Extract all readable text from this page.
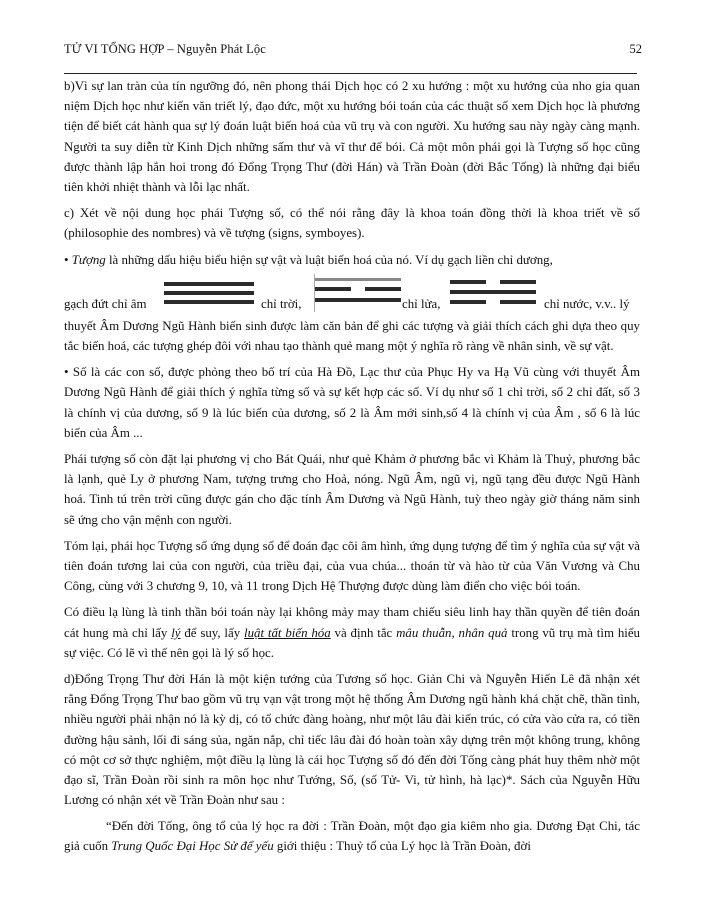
TỬ VI TỔNG HỢP – Nguyễn Phát Lộc	52

b)Vì sự lan tràn của tín ngưỡng đó, nên phong thái Dịch học có 2 xu hướng : một xu hướng của nho gia quan niệm Dịch học như kiến văn triết lý, đạo đức, một xu hướng bói toán của các thuật số xem Dịch học là phương tiện để biết cát hành qua sự lý đoán luật biến hoá của vũ trụ và con người. Xu hướng sau này ngày càng mạnh. Người ta suy diễn từ Kinh Dịch những sấm thư và vĩ thư để bói. Cả một môn phái gọi là Tượng số học cũng được thành lập hẳn hoi trong đó Đổng Trọng Thư (đời Hán) và Trần Đoàn (đời Bắc Tống) là những đại biểu tiên khởi nhiệt thành và lỗi lạc nhất.

c) Xét về nội dung học phái Tượng số, có thể nói rằng đây là khoa toán đồng thời là khoa triết về số (philosophie des nombres) và về tượng (signs, symboyes).

• Tượng là những dấu hiệu biểu hiện sự vật và luật biến hoá của nó. Ví dụ gạch liền chỉ dương,
gạch đứt chỉ âm	chỉ trời,	chỉ lửa,	chỉ nước, v.v.. lý
thuyết Âm Dương Ngũ Hành biến sinh được làm căn bản để ghi các tượng và giải thích cách ghi dựa theo quy tắc biến hoá, các tượng ghép đôi với nhau tạo thành quẻ mang một ý nghĩa rõ ràng về nhân sinh, về sự vật.

• Số là các con số, được phỏng theo bố trí của Hà Đồ, Lạc thư của Phục Hy va Hạ Vũ cùng với thuyết Âm Dương Ngũ Hành để giải thích ý nghĩa từng số và sự kết hợp các số. Ví dụ như số 1 chỉ trời, số 2 chỉ đất, số 3 là chính vị của dương, số 9 là lúc biến của dương, số 2 là Âm mới sinh,số 4 là chính vị của Âm , số 6 là lúc biến của Âm ...

Phái tượng số còn đặt lại phương vị cho Bát Quái, như quẻ Khảm ở phương bắc vì Khảm là Thuỷ, phương bắc là lạnh, quẻ Ly ở phương Nam, tượng trưng cho Hoả, nóng. Ngũ Âm, ngũ vị, ngũ tạng đều được Ngũ Hành hoá. Tinh tú trên trời cũng được gán cho đặc tính Âm Dương và Ngũ Hành, tuỳ theo ngày giờ tháng năm sinh sẽ ứng cho vận mệnh con người.

Tóm lại, phái học Tượng số ứng dụng số để đoán đạc cõi âm hình, ứng dụng tượng để tìm ý nghĩa của sự vật và tiên đoán tương lai của con người, của triều đại, của vua chúa... thoán từ và hào từ của Văn Vương và Chu Công, cùng với 3 chương 9, 10, và 11 trong Dịch Hệ Thượng được dùng làm điển cho việc bói toán.

Có điều lạ lùng là tinh thần bói toán này lại không mảy may tham chiếu siêu linh hay thần quyền để tiên đoán cát hung mà chỉ lấy lý để suy, lấy luật tất biến hóa và định tắc mâu thuẫn, nhân quả trong vũ trụ mà tìm hiểu sự việc. Có lẽ vì thế nên gọi là lý số học.

d)Đổng Trọng Thư đời Hán là một kiện tướng của Tương số học. Giản Chi và Nguyễn Hiến Lê đã nhận xét rằng Đổng Trọng Thư bao gồm vũ trụ vạn vật trong một hệ thống Âm Dương ngũ hành khá chặt chẽ, thần tình, nhiều người phải nhận nó là kỳ dị, có tổ chức đàng hoàng, như một lâu đài kiến trúc, có cửa vào cửa ra, có tiền đường hậu sảnh, lối đi sáng sủa, ngăn nắp, chỉ tiếc lâu đài đó hoàn toàn xây dựng trên một không trung, không có một cơ sở thực nghiệm, một điều lạ lùng là cái học Tượng số đó đến đời Tống càng phát huy thêm nhờ một đạo sĩ, Trần Đoàn rồi sinh ra môn học như Tướng, Số, (số Tử- Vi, tử hình, hà lạc)*. Sách của Nguyễn Hữu Lương có nhận xét về Trần Đoàn như sau :

“Đến đời Tống, ông tổ của lý học ra đời : Trần Đoàn, một đạo gia kiêm nho gia. Dương Đạt Chi, tác giả cuốn Trung Quốc Đại Học Sử để yếu giới thiệu : Thuỷ tổ của Lý học là Trần Đoàn, đời
